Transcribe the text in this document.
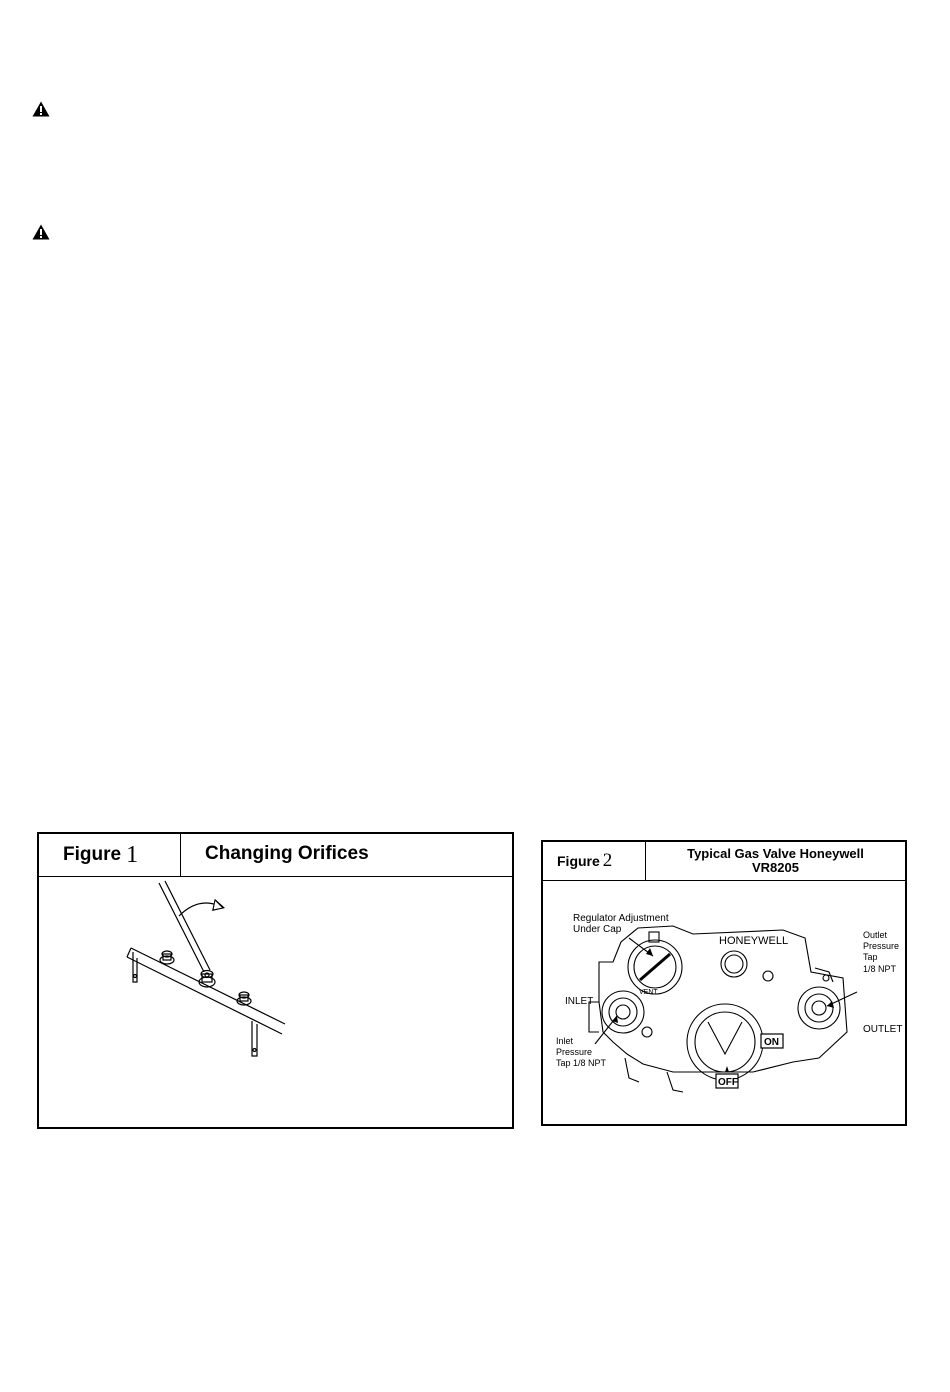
Figure 1	Changing Orifices	Figure 2	Typical Gas Valve Honeywell
VR8205
Regulator Adjustment
Under Cap
HONEYWELL
INLET
Inlet
Pressure
Tap 1/8 NPT
Outlet
Pressure
Tap
1/8 NPT
OUTLET
ON
OFF
VENT
